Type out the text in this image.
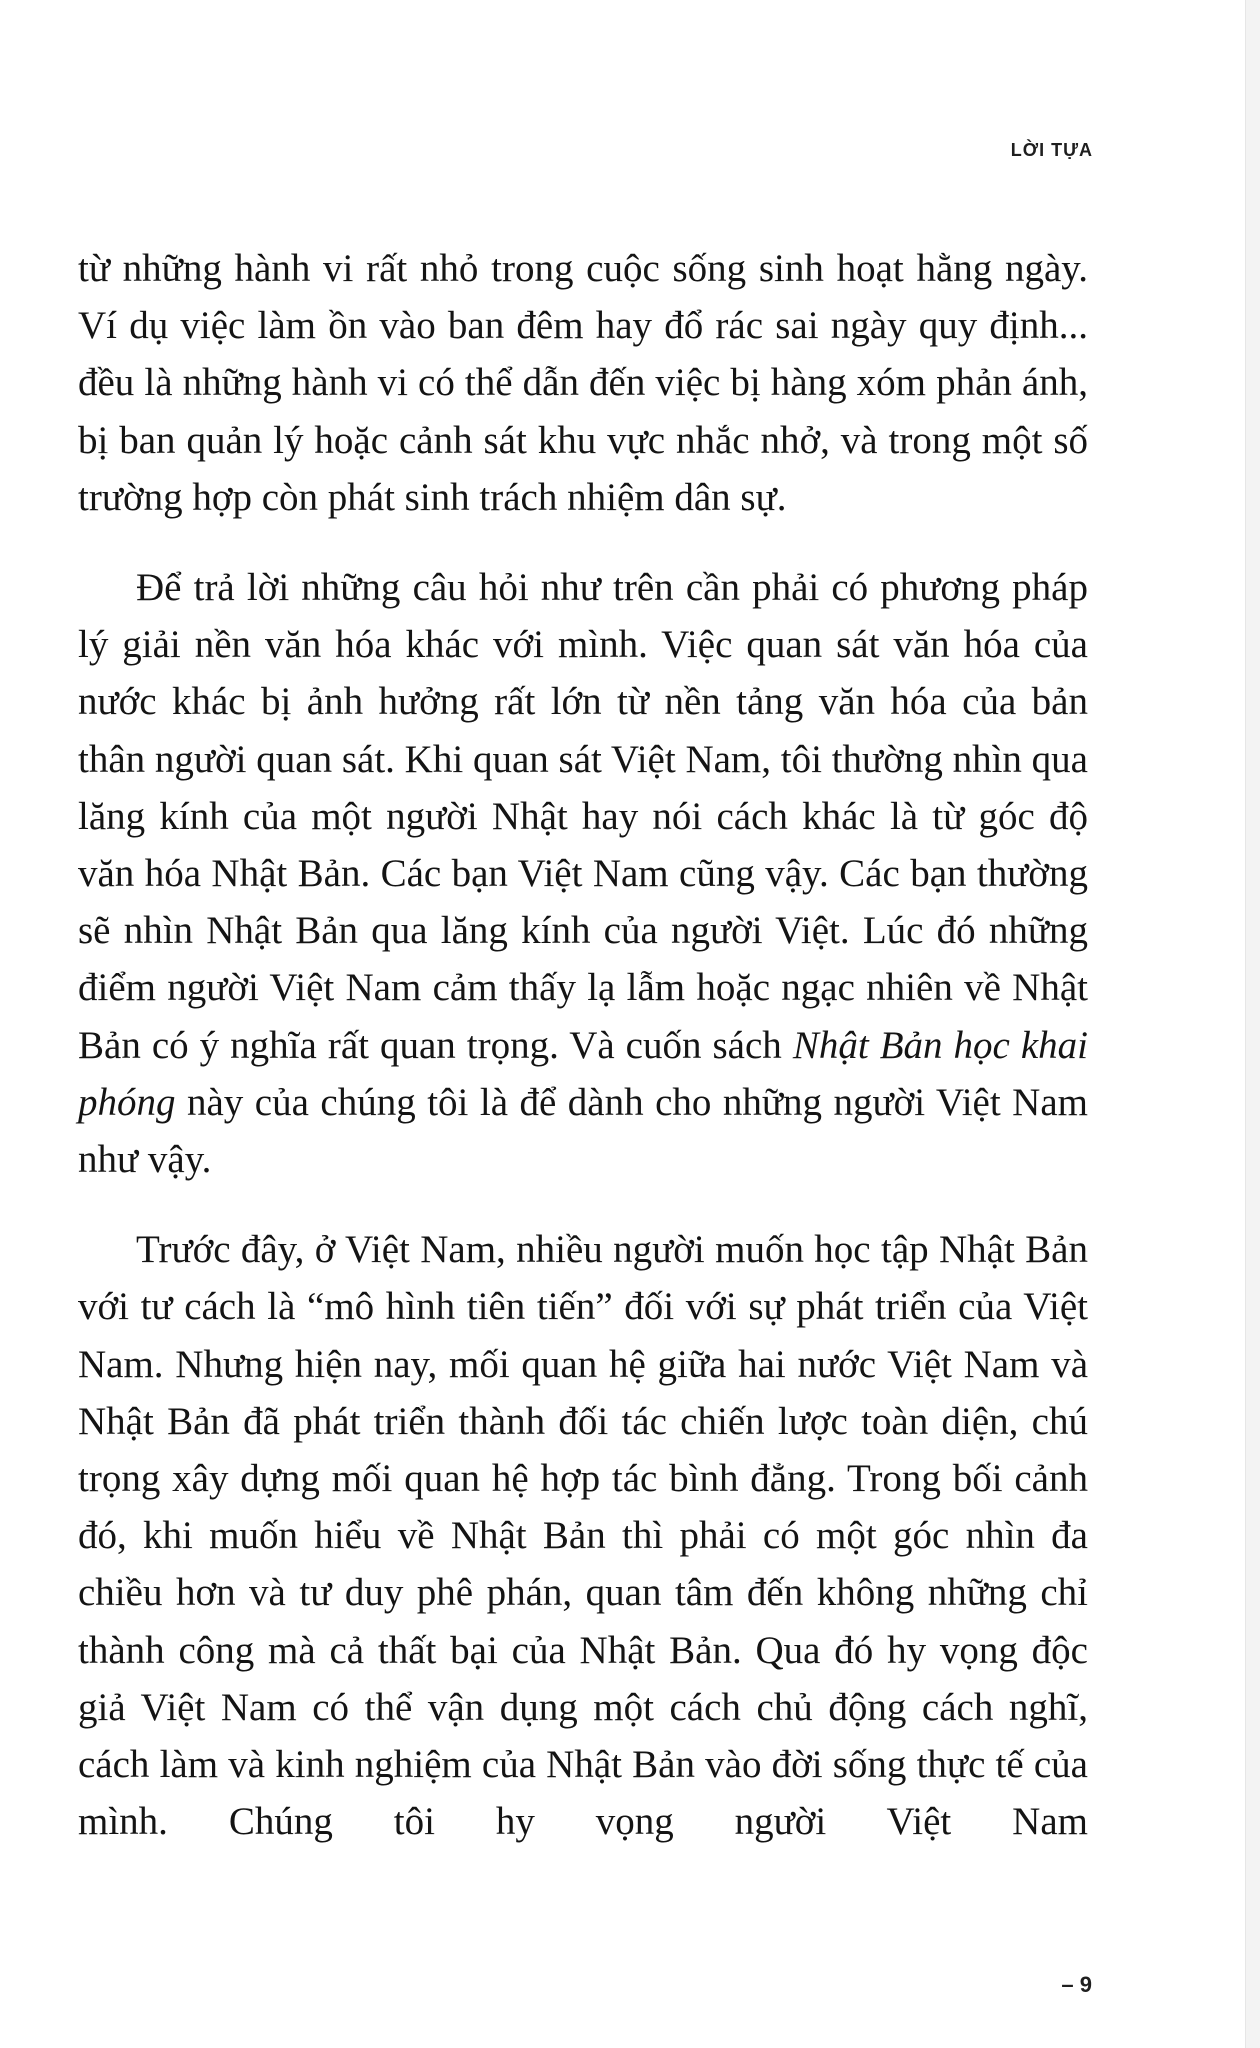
LỜI TỰA

từ những hành vi rất nhỏ trong cuộc sống sinh hoạt hằng ngày. Ví dụ việc làm ồn vào ban đêm hay đổ rác sai ngày quy định... đều là những hành vi có thể dẫn đến việc bị hàng xóm phản ánh, bị ban quản lý hoặc cảnh sát khu vực nhắc nhở, và trong một số trường hợp còn phát sinh trách nhiệm dân sự.

Để trả lời những câu hỏi như trên cần phải có phương pháp lý giải nền văn hóa khác với mình. Việc quan sát văn hóa của nước khác bị ảnh hưởng rất lớn từ nền tảng văn hóa của bản thân người quan sát. Khi quan sát Việt Nam, tôi thường nhìn qua lăng kính của một người Nhật hay nói cách khác là từ góc độ văn hóa Nhật Bản. Các bạn Việt Nam cũng vậy. Các bạn thường sẽ nhìn Nhật Bản qua lăng kính của người Việt. Lúc đó những điểm người Việt Nam cảm thấy lạ lẫm hoặc ngạc nhiên về Nhật Bản có ý nghĩa rất quan trọng. Và cuốn sách Nhật Bản học khai phóng này của chúng tôi là để dành cho những người Việt Nam như vậy.

Trước đây, ở Việt Nam, nhiều người muốn học tập Nhật Bản với tư cách là “mô hình tiên tiến” đối với sự phát triển của Việt Nam. Nhưng hiện nay, mối quan hệ giữa hai nước Việt Nam và Nhật Bản đã phát triển thành đối tác chiến lược toàn diện, chú trọng xây dựng mối quan hệ hợp tác bình đẳng. Trong bối cảnh đó, khi muốn hiểu về Nhật Bản thì phải có một góc nhìn đa chiều hơn và tư duy phê phán, quan tâm đến không những chỉ thành công mà cả thất bại của Nhật Bản. Qua đó hy vọng độc giả Việt Nam có thể vận dụng một cách chủ động cách nghĩ, cách làm và kinh nghiệm của Nhật Bản vào đời sống thực tế của mình. Chúng tôi hy vọng người Việt Nam

– 9
